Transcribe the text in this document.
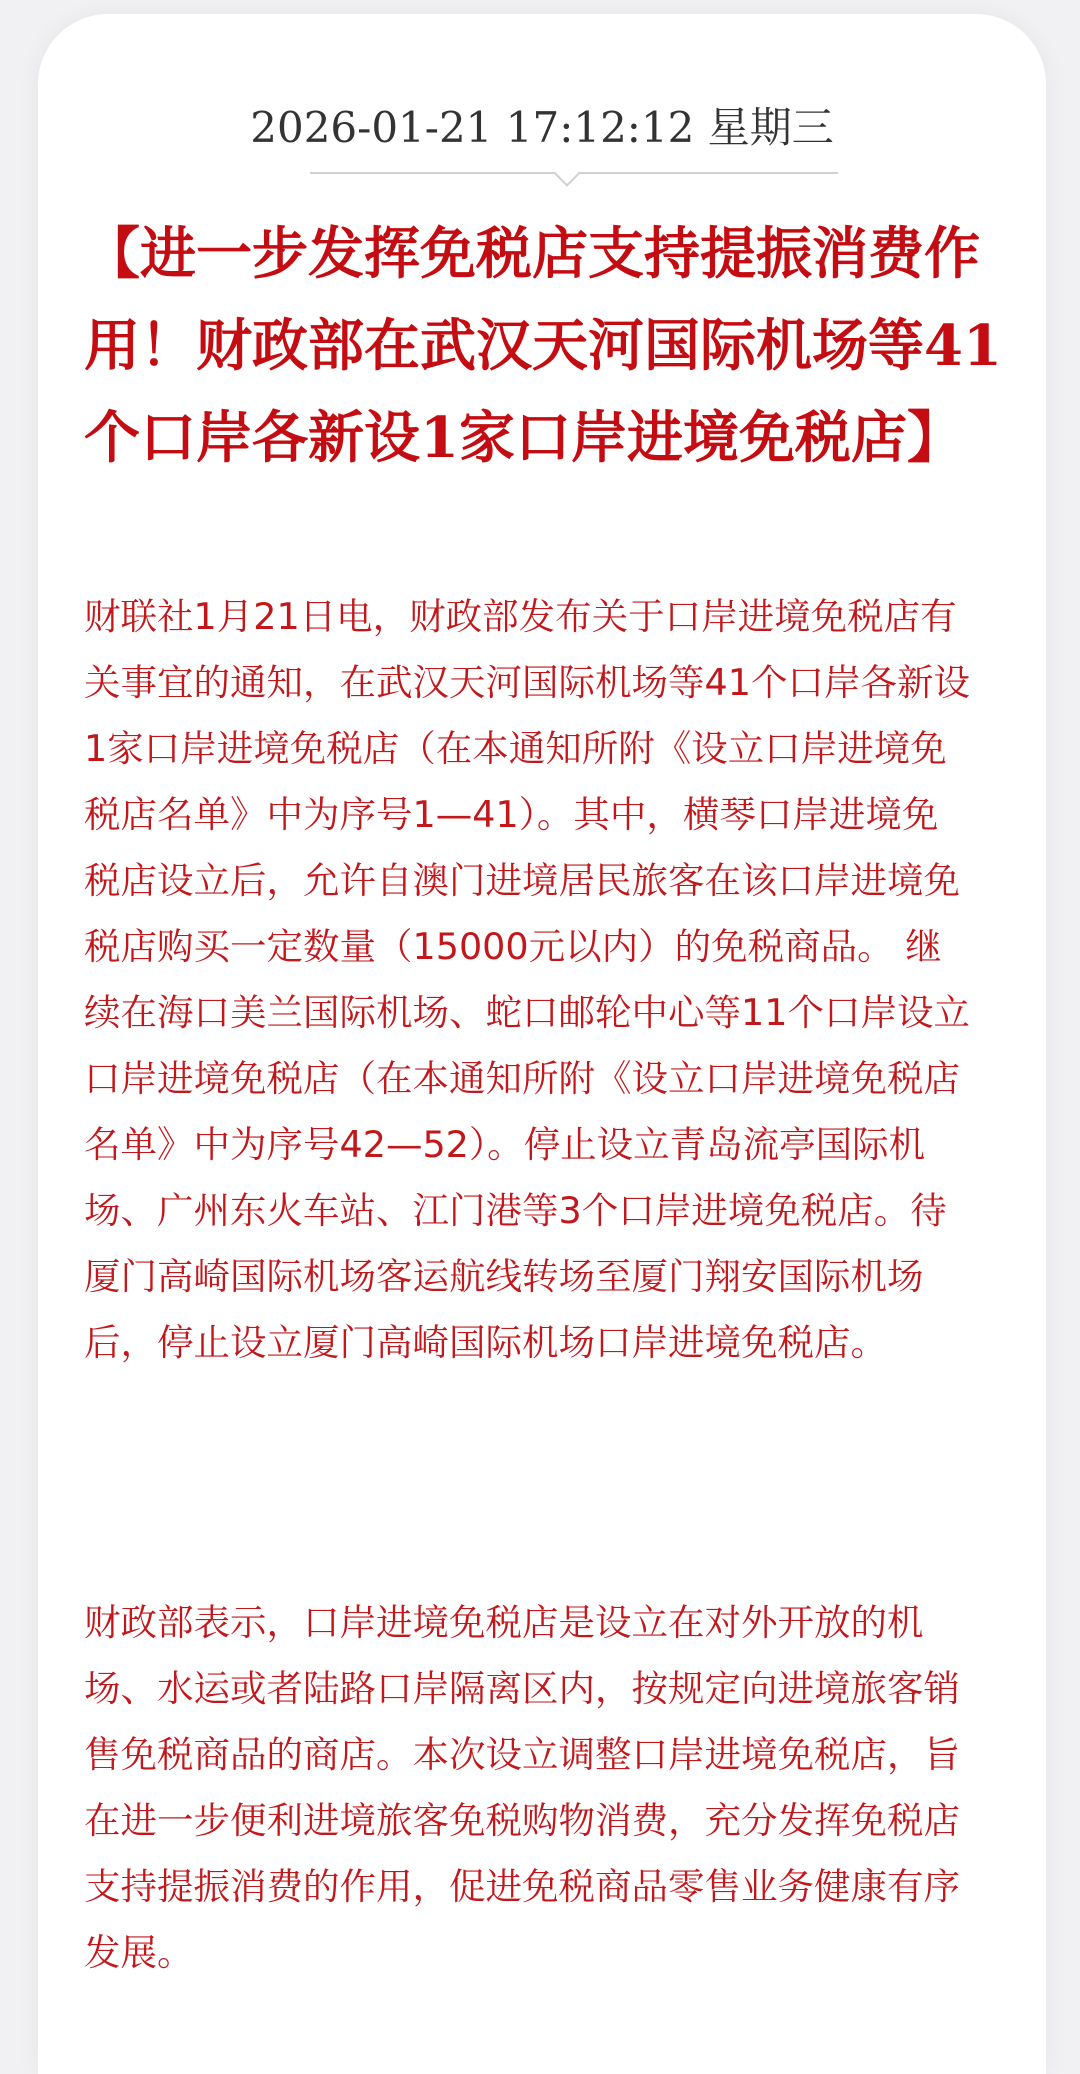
2026-01-21 17:12:12 星期三
【进一步发挥免税店支持提振消费作用！财政部在武汉天河国际机场等41个口岸各新设1家口岸进境免税店】

财联社1月21日电，财政部发布关于口岸进境免税店有关事宜的通知，在武汉天河国际机场等41个口岸各新设1家口岸进境免税店（在本通知所附《设立口岸进境免税店名单》中为序号1—41）。其中，横琴口岸进境免税店设立后，允许自澳门进境居民旅客在该口岸进境免税店购买一定数量（15000元以内）的免税商品。 继续在海口美兰国际机场、蛇口邮轮中心等11个口岸设立口岸进境免税店（在本通知所附《设立口岸进境免税店名单》中为序号42—52）。停止设立青岛流亭国际机场、广州东火车站、江门港等3个口岸进境免税店。待厦门高崎国际机场客运航线转场至厦门翔安国际机场后，停止设立厦门高崎国际机场口岸进境免税店。

财政部表示，口岸进境免税店是设立在对外开放的机场、水运或者陆路口岸隔离区内，按规定向进境旅客销售免税商品的商店。本次设立调整口岸进境免税店，旨在进一步便利进境旅客免税购物消费，充分发挥免税店支持提振消费的作用，促进免税商品零售业务健康有序发展。
